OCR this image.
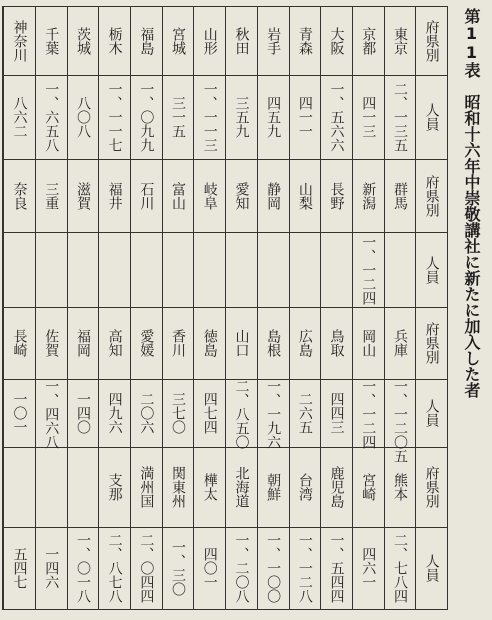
第11表　昭和十六年中崇敬講社に新たに加入した者
府県別
人員
府県別
人員
府県別
人員
府県別
人員
東京
二、一三五
群馬
兵庫
一、一二〇五
熊本
二、七八四
京都
四一三
新潟
一、一二四
岡山
一、一二四
宮崎
四六一
大阪
一、五六六
長野
鳥取
四四三
鹿児島
一、五四四
青森
四一一
山梨
広島
二六五
台湾
一、一二八
岩手
四五九
静岡
島根
一、一九六
朝鮮
一、一〇〇
秋田
三五九
愛知
山口
二、八五〇
北海道
一、二〇八
山形
一、一一三
岐阜
徳島
四七四
樺太
四〇一
宮城
三一五
富山
香川
三七〇
関東州
一、三〇
福島
一、〇九九
石川
愛媛
二〇六
満州国
二、〇四四
栃木
一、一一七
福井
高知
四九六
支那
二、八七八
茨城
八〇八
滋賀
福岡
一四〇
一、〇一八
千葉
一、六五八
三重
佐賀
一、四六八
一四六
神奈川
八六二
奈良
長崎
一〇一
五四七
